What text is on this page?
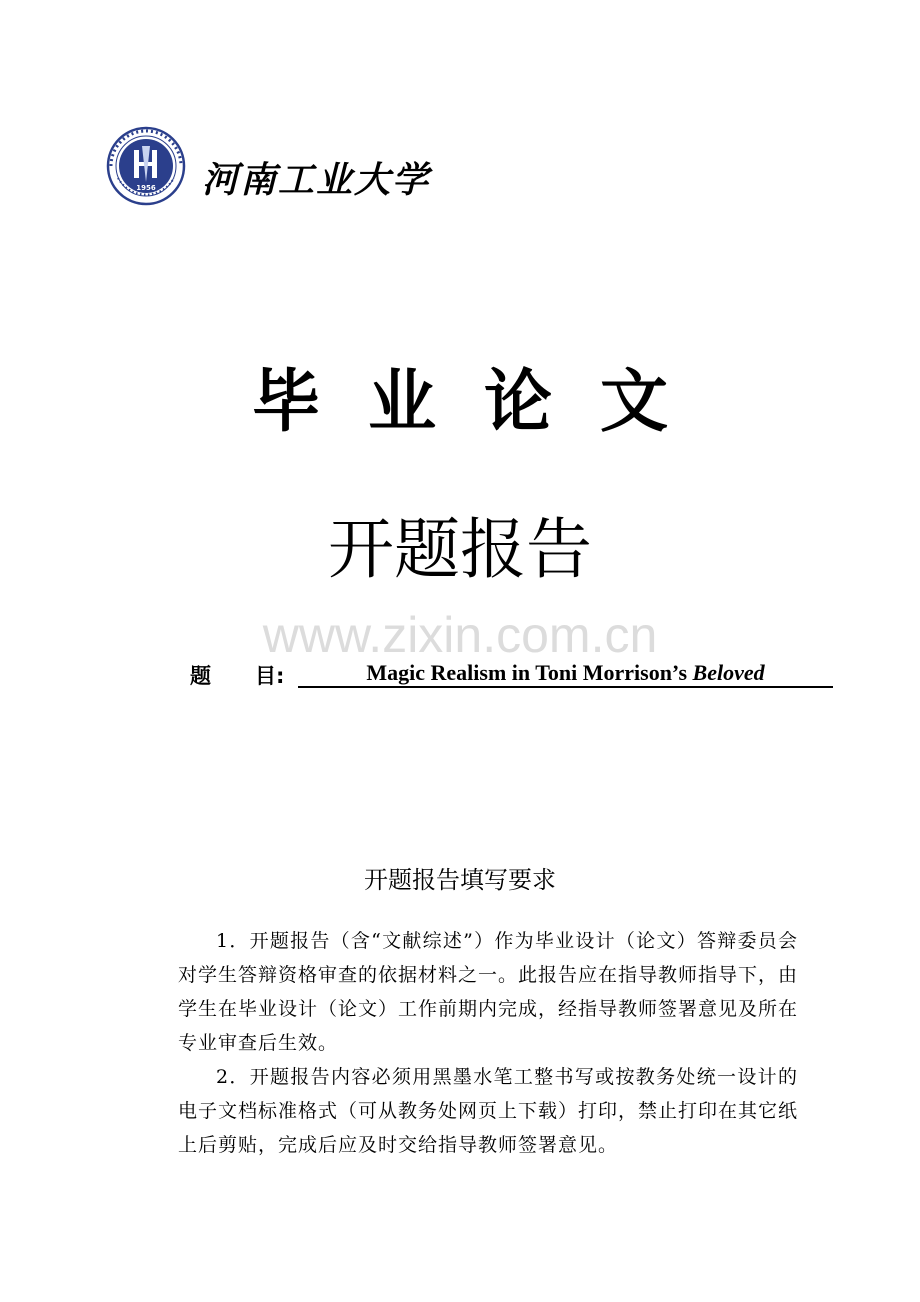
1956 河南工业大学
毕业论文
开题报告
www.zixin.com.cn
题 目:	Magic Realism in Toni Morrison’s Beloved
开题报告填写要求

1．开题报告（含“文献综述”）作为毕业设计（论文）答辩委员会对学生答辩资格审查的依据材料之一。此报告应在指导教师指导下，由学生在毕业设计（论文）工作前期内完成，经指导教师签署意见及所在专业审查后生效。

2．开题报告内容必须用黑墨水笔工整书写或按教务处统一设计的电子文档标准格式（可从教务处网页上下载）打印，禁止打印在其它纸上后剪贴，完成后应及时交给指导教师签署意见。
